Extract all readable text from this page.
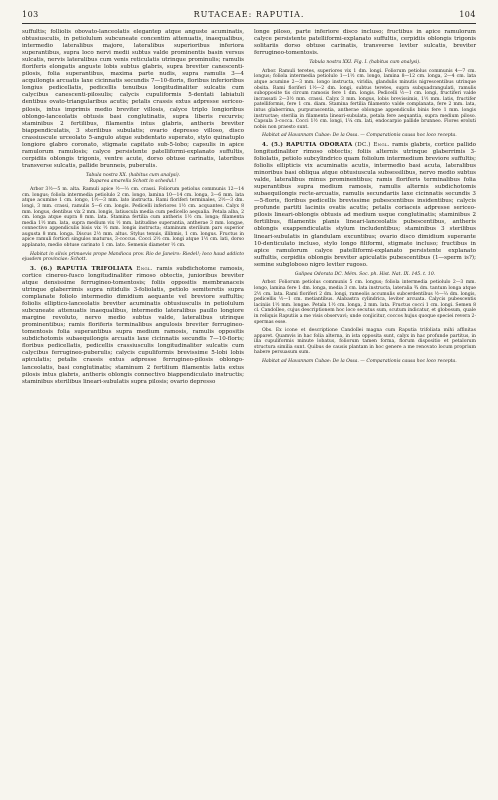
103	RUTACEAE: RAPUTIA.	104

suffultis; folliolis obovato-lanceolatis elegantер atque anguste acuminatis, obtusiusculis, in petiolulum subcuneate concentim attenuatis, inaequalibus, intermedio lateralibus majore, lateralibus superioribus inferiora superantibus, supra loco nervi medii subtus valde prominentis basin versus sulcatis, nervis lateralibus cum venis reticulatis utrinque prominulis; ramulis floriferis elongatis anguste lobis subtus glabris, supra breviter canescenti-pilosis, folia superantibus, maxima parte nudis, supra ramulis 3—4 acquilongis arcuatis laxe cicinnatis secundis 7—10-floris, floribus inferioribus longius pedicellatis, pedicellis tenuibus longitudinaliter sulcatis cum calycibus canescenti-pilosulis; calycis cupuliformis 5-dentati labiatuli dentibus ovato-triangularibus acutis; petalis crassis extus adpresse sericeo-pilosis, intus imprimis medio breviter villosis, calyce triplo longioribus oblongo-lanceolatis obtusis basi conglutinatis, supra liberis recurvis; staminibus 2 fertilibus, filamentis intus glabris, antheris breviter biappendiculatis, 3 sterilibus subulatis; ovario depresso villoso, disco crassiuscule urceolato 5-angulo atque subdentato superato, stylo quinatuplo longiore glabro coronato, stigmate capitato sub-5-lobo; capsulis in apice ramulorum ramulosis; calyce persistente patelliformi-explanato suffultis, cerpidiis oblongis trigonis, ventre acute, dorso obtuse carinatis, lateribus transverse sulcatis, pallide brunneis, puberulis.

Tabula nostra XX. (habitus cum analysi).

Ruparea amarella Schott in schedul.!

Arbor 3½—5 m. alta. Ramuli apice ½—⅔ cm. crassi. Foliorum petiolus communis 12—14 cm. longus; foliola intermedia petiolulo 2 cm. longo, lamina 10—14 cm. longa, 3—6 mm. lata atque acumine 1 cm. longo, 1½—3 mm. lato instructa. Rami floriferi terminales, 2½—3 dm. longi, 3 mm. crassi, ramulis 5—6 cm. longis. Pedicelli inferiores 1½ cm. acquantes. Calyx 8 mm. longus, dentibus vix 2 mm. longis, latiuscula media cum pedicello aequalia. Petala alba, 2 cm. longa atque supra 8 mm. lata. Stamina fertilia cum antheris 1½ cm. longa; filamenta media 1½ mm. lata, supra medium vix ½ mm. latitudine superantia, antherae 3 mm. longae, connectivo appendiculis bisis vix ½ mm. longis instructa; staminum sterilium pars superior augusta 8 mm. longa. Discus 2½ mm. altus. Stylus tenuis, illibmis, 1 cm. longus. Fructus in apice ramuli fortiori singulos maturus, 3-coccus. Cocci 2½ cm. longi atque 1½ cm. lati, dorso applanato, medio obtuse carinato 1 cm. lato. Semenis diameter ½ cm.

Habitat in silvis primaevis prope Mandioca prov. Rio de Janeiro: Riedel!; loco haud addicto ejusdem provinciae: Schott.

3. (6.) RAPUTIA TRIFOLIATA Engl. ramis subdichotome ramosis, cortice cinereo-fusco longitudinaliter rimoso obtectis, junioribus breviter atque densissime ferrugineo-tomentosis; foliis oppositis membranaceis utrinque glaberrimis supra nitidulis 3-foliolatis, petiolo semiteretis supra complanate foliolo intermedio dimidium aequante vel breviore suffultis; foliolis elliptico-lanceolatis breviter acuminatis obtusiusculis in petiolulum subcuneate attenuatis inaequalibus, intermedio lateralibus paullo longiore margine revoluto, nervo medio subtus valde, lateralibus utrinque prominentibus; ramis floriferis terminalibus angulosis breviter ferrugineo-tomentosis folia superantibus supra medium ramosis, ramulis oppositis subdichotomis subaequilongis arcuatis laxe cicinnatis secundis 7—10-floris; floribus pedicellatis, pedicellis crassiusculis longitudinaliter sulcatis cum calycibus ferrugineo-puberulis; calycis cupuliformis brevissime 5-lobi lobis apiculatis; petalis crassis extus adpresse ferrugineo-pilosis oblongo-lanceolatis, basi conglutinatis; staminum 2 fertilium filamentis latis extus pilosis intus glabris, antheris oblongis connectivo biappendiculato instructis; staminibus sterilibus lineari-subulatis supra pilosis; ovario depresso

longe piloso, parte inferiore disco incluso; fructibus in apice ramulorum calyce persistente patelliformi-explanato suffultis, cerpidiis oblongis trigonis solitariis dorso obtuse carinatis, transverse leviter sulcatis, breviter ferrugineo-tomentosis.

Tabula nostra XXI. Fig. I. (habitus cum analysi).

Arbor. Ramuli teretes, superiores vix 1 dm. longi. Foliorum petiolus communis 4—7 cm. longus; foliola intermedia petiolulo 1—1½ cm. longo, lamina 8—12 cm. longa, 2—4 cm. lata atque acumine 2—3 mm. longo instructa, viridia, glandulis minutis nigrescentibus utrinque obsita. Rami floriferi 1½—2 dm. longi, subtus teretes, supra subquadrangulati, ramulis subopposite tis circum ramosis fere 1 dm. longis. Pedicelli ½—1 cm. longi, fructiferi valde incrassati 2—3½ mm. crassi. Calyx 3 mm. longus, lobis brevissimis, 1½ mm. latis, fructifer patelliformis, fere 1 cm. diam. Stamina fertilia filamento valde complanata, fere 2 mm. lata, intus glaberrima, purpurascentia, antherae oblongae appendiculis binis fere 1 mm. longis instructae; sterilia in filamenta lineari-subulata, petala fere aequantia, supra medium piloso. Capsula 3-cocca. Cocci 1½ cm. longi, 1¼ cm. lati, endocarpio pallide brunneo. Flores eroluti nobis non praesto sunt.

Habitat ad Havannam Cubae: De la Ossa. — Comparationis causa hoc loco recepta.

4. (5.) RAPUTIA ODORATA (DC.) Engl. ramis glabris, cortice pallido longitudinaliter rimoso obtectis; foliis alternis utrinque glaberrimis 3-foliolatis, petiolo subcylindrico quam foliolum intermedium breviore suffultis; foliolis ellipticis vix acuminatis acutis, intermedio basi acuta, lateralibus minoribus basi obliqua atque obtusiuscula subsessilibus, nervo medio subtus valde, lateralibus minus prominentibus; ramis floriferis terminalibus folia superantibus supra medium ramosis, ramulis alternis subdichotomis subaequilongis recte-arcuatis, ramulis secundariis laxe cicinnatis secundis 3—5-floris, floribus pedicellis brevissime pubescentibus insidentibus; calycis profunde partiti laciniis ovatis acutis; petalis coriaceis adpresse sericeo-pilosis lineari-oblongis obtusis ad medium usque conglutinatis; staminibus 2 fertilibus, filamentis planis lineari-lanceolatis pubescentibus, antheris oblongis exappendiculatis stylum includentibus; staminibus 3 sterilibus lineari-subulatis in glandulam excuntibus; ovario disco dimidium superante 10-denticulato incluso, stylo longo filiformi, stigmate incluso; fructibus in apice ramulorum calyce patelliformi-explanato persistente explanato suffultis, cerpidiis oblongis breviter apiculatis pubescentibus (1—sperm is?); semine subgloboso nigro leviter rugoso.

Galipea Odorata DC. Mém. Soc. ph. Hist. Nat. IX. 145. t. 10.

Arbor. Foliorum petiolus communis 5 cm. longus; foliola intermedia petiolulo 2—3 mm. longo, lamina fere 1 dm. longa, media 3 cm. lata instructa, lateralia ¾ dm. tantum longa atque 2½ cm. lata. Rami floriferi 2 dm. longi, rameolis accumulis subcerdentibus ½—⅔ dm. longis, pedicellis ½—1 cm. metiantibus. Alabastra cylindrica, leviter arcuata. Calycis pubescentis laciniis 1½ mm. longae. Petala 1½ cm. longa, 2 mm. lata. Fructus cocci 1 cm. longi. Semen 8 cl. Candolleo, cujus descriptionem hoc loco secutus sum, scutum indicatur, et globosum, quale in reliquis Raputiis a me visis observavi; unde conjicitur, coccos hujus quoque speciei revera 2-spermas esse.

Obs. Ex icone et descriptione Candollei magna cum Raputia trifoliata mihi affinitas apparet. Quamvis in hac folia alterna, in ista opposita sunt, calyx in hac profunde partitus, in illa cupuliformis minute lobatus, foliorum tamen forma, florum dispositio et petalorum structura similia sunt. Quibus de causis plantam in hoc genere a me renovato locum proprium habere persuasum sum.

Habitat ad Havannam Cubae: De la Ossa. — Comparationis causa hoc loco recepta.
